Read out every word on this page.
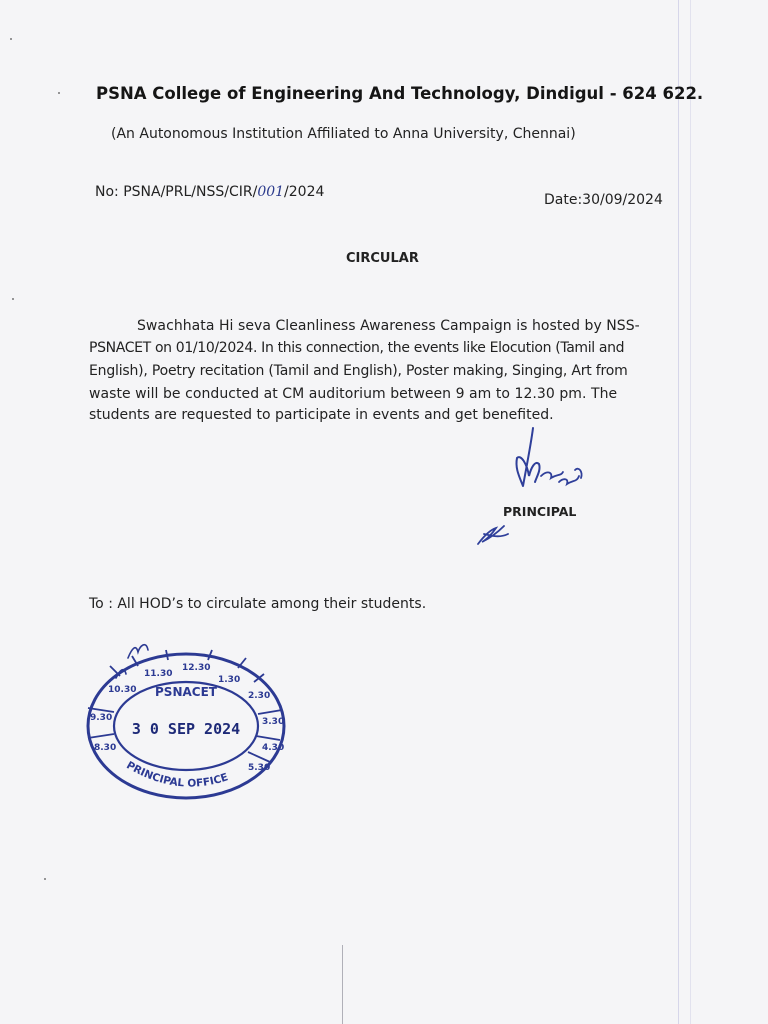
PSNA College of Engineering And Technology, Dindigul - 624 622.
(An Autonomous Institution Affiliated to Anna University, Chennai)
No: PSNA/PRL/NSS/CIR/001/2024	Date:30/09/2024
CIRCULAR
Swachhata Hi seva Cleanliness Awareness Campaign is hosted by NSS-
PSNACET on 01/10/2024. In this connection, the events like Elocution (Tamil and
English), Poetry recitation (Tamil and English), Poster making, Singing, Art from
waste will be conducted at CM auditorium between 9 am to 12.30 pm. The
students are requested to participate in events and get benefited.
PRINCIPAL
To : All HOD’s to circulate among their students.
8.30
9.30
10.30
11.30
12.30
1.30
2.30
3.30
4.30
5.30
PSNACET
3 0 SEP 2024
PRINCIPAL OFFICE
